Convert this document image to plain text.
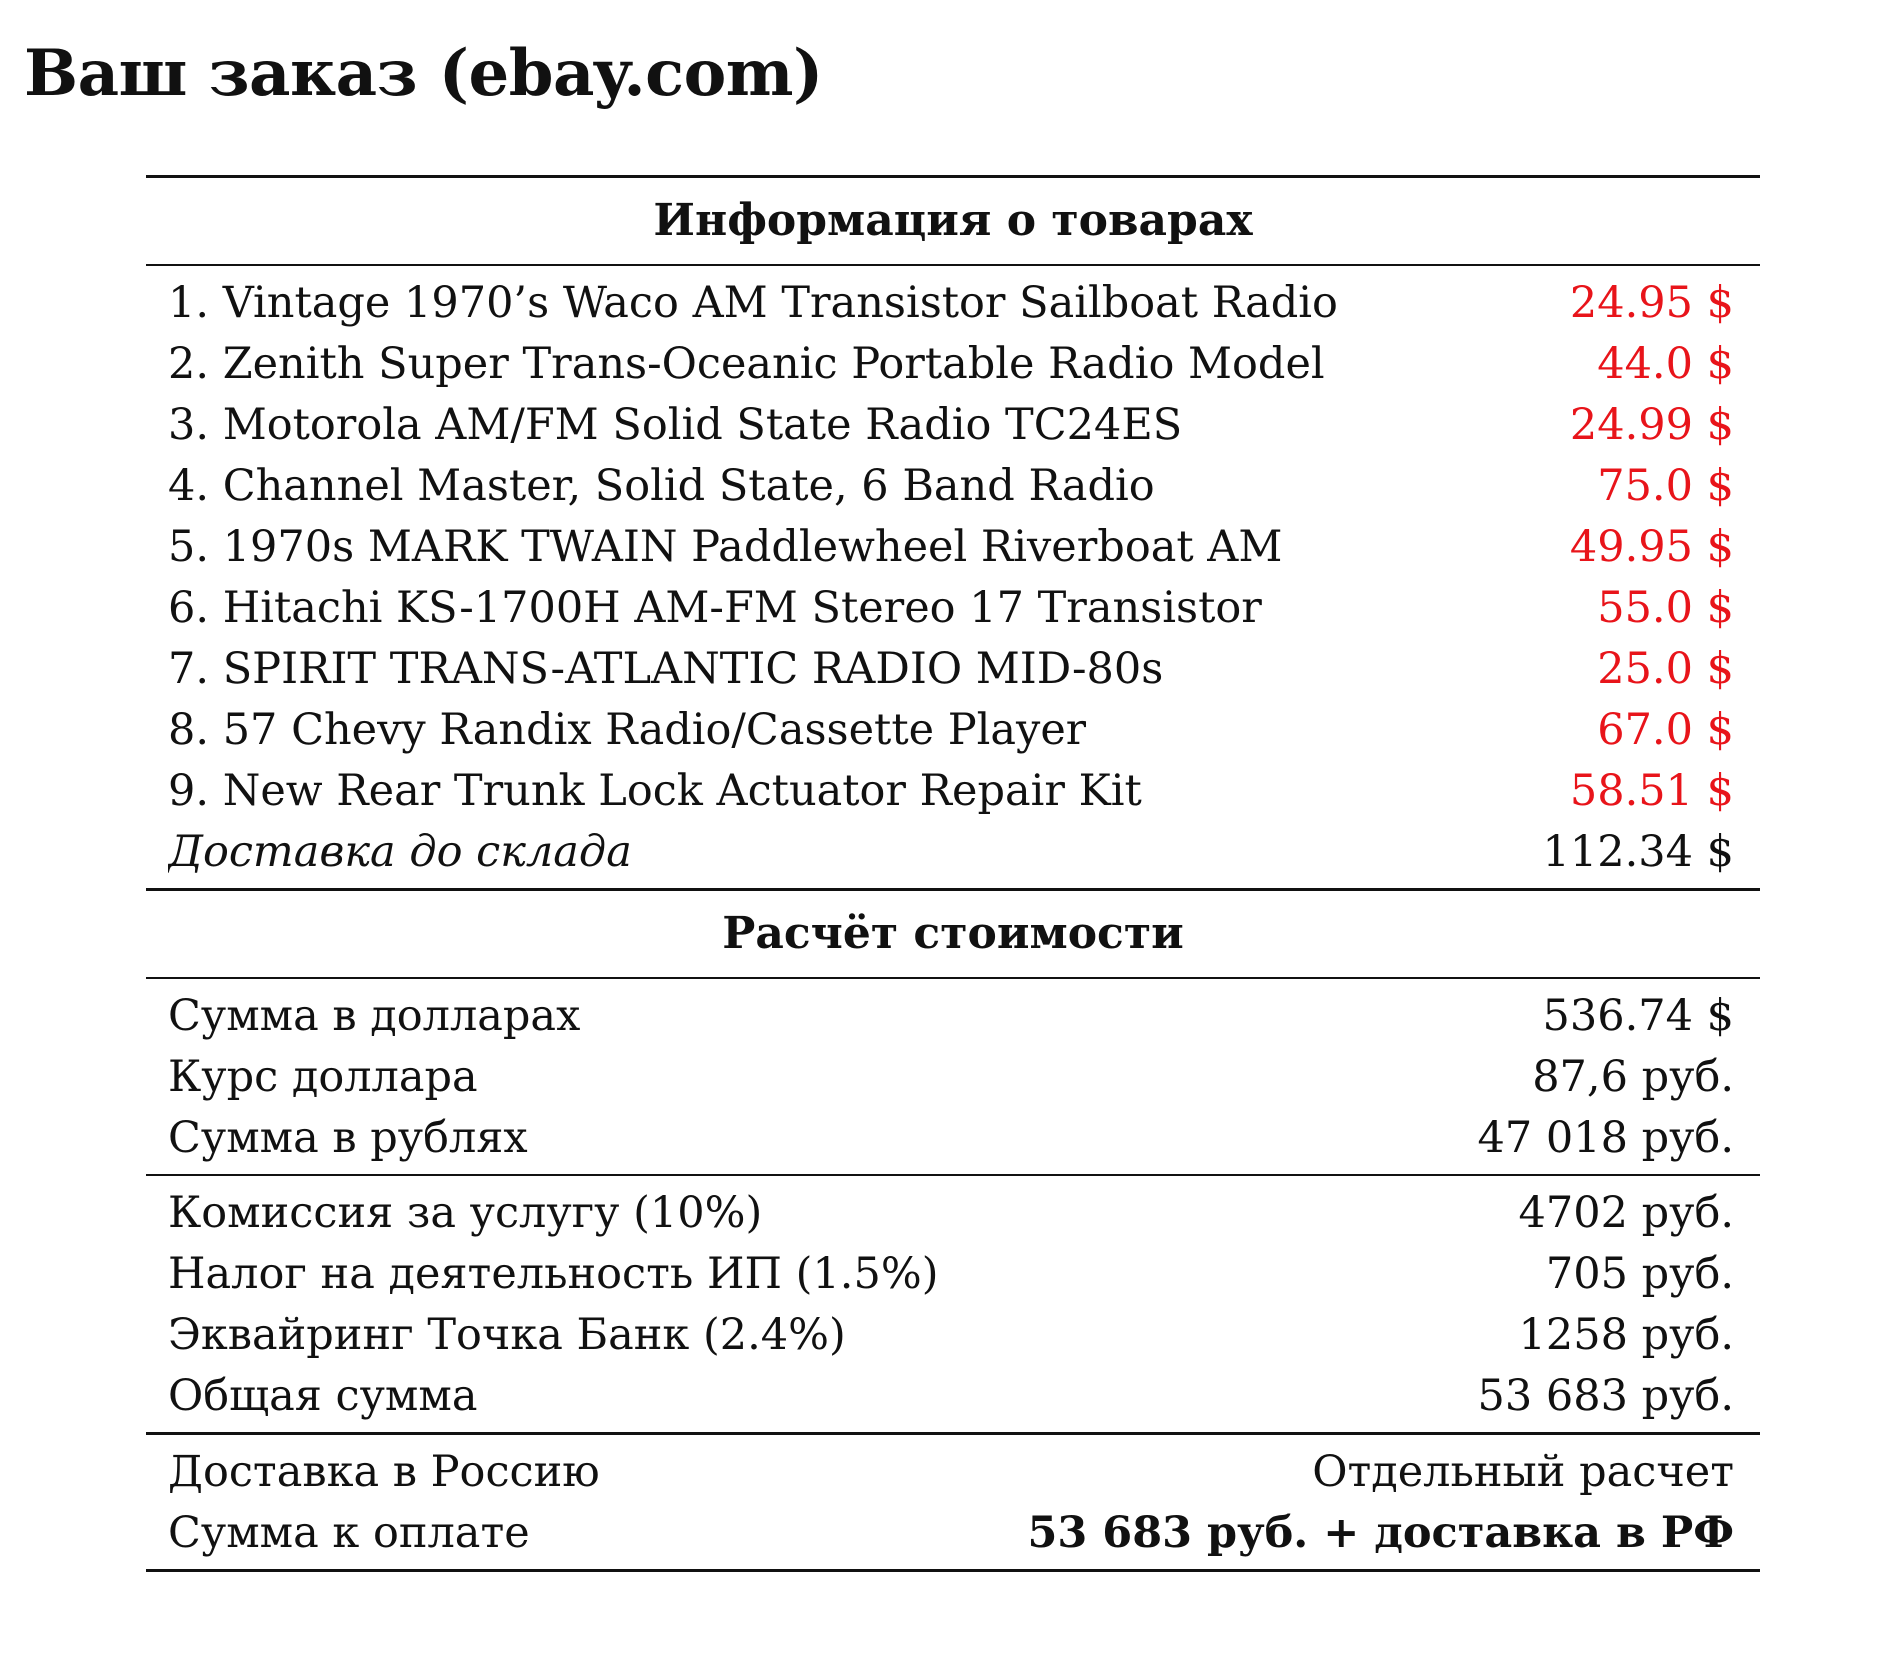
Ваш заказ (ebay.com)
Информация о товарах
1. Vintage 1970’s Waco AM Transistor Sailboat Radio	24.95 $
2. Zenith Super Trans-Oceanic Portable Radio Model	44.0 $
3. Motorola AM/FM Solid State Radio TC24ES	24.99 $
4. Channel Master, Solid State, 6 Band Radio	75.0 $
5. 1970s MARK TWAIN Paddlewheel Riverboat AM	49.95 $
6. Hitachi KS-1700H AM-FM Stereo 17 Transistor	55.0 $
7. SPIRIT TRANS-ATLANTIC RADIO MID-80s	25.0 $
8. 57 Chevy Randix Radio/Cassette Player	67.0 $
9. New Rear Trunk Lock Actuator Repair Kit	58.51 $
Доставка до склада	112.34 $
Расчёт стоимости
Сумма в долларах	536.74 $
Курс доллара	87,6 руб.
Сумма в рублях	47 018 руб.
Комиссия за услугу (10%)	4702 руб.
Налог на деятельность ИП (1.5%)	705 руб.
Эквайринг Точка Банк (2.4%)	1258 руб.
Общая сумма	53 683 руб.
Доставка в Россию	Отдельный расчет
Сумма к оплате	53 683 руб. + доставка в РФ
